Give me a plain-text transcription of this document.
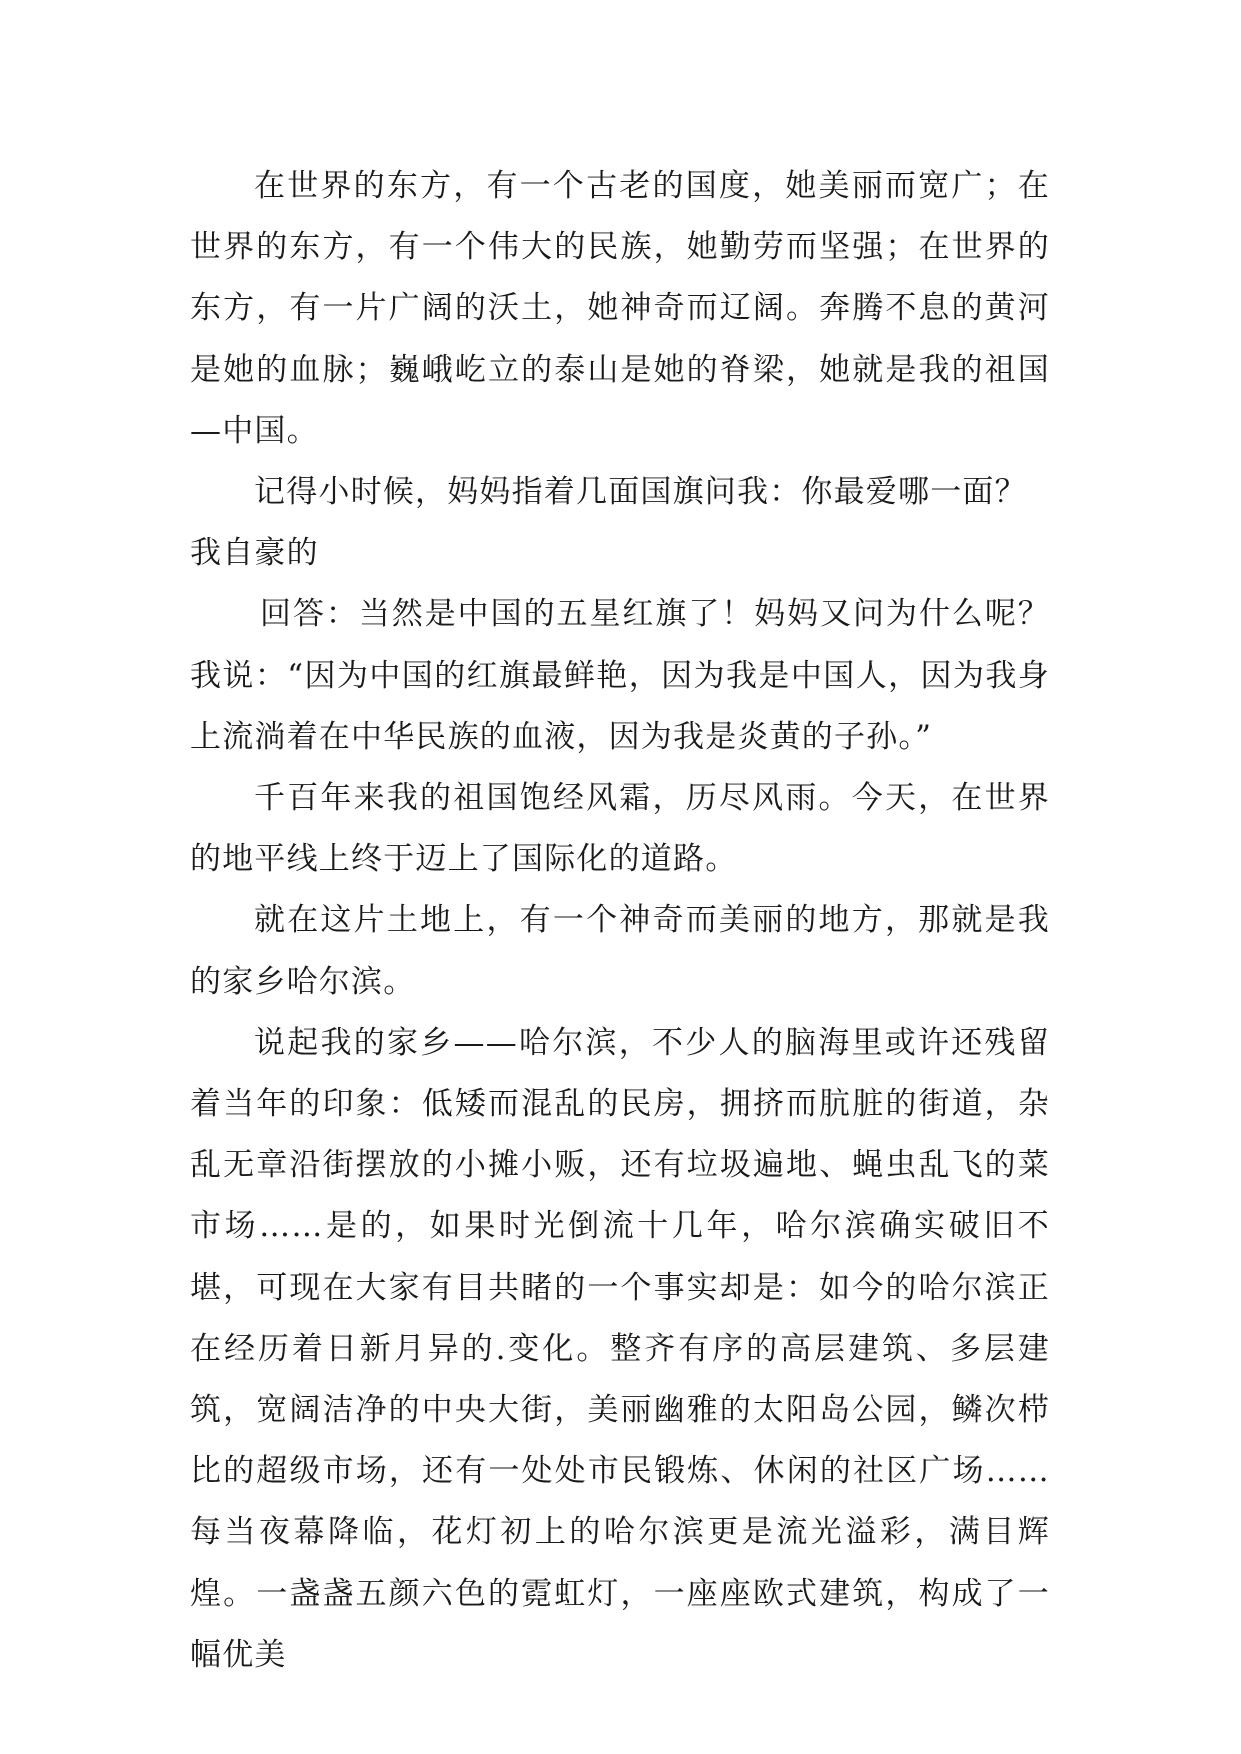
在世界的东方，有一个古老的国度，她美丽而宽广；在世界的东方，有一个伟大的民族，她勤劳而坚强；在世界的东方，有一片广阔的沃土，她神奇而辽阔。奔腾不息的黄河是她的血脉；巍峨屹立的泰山是她的脊梁，她就是我的祖国—中国。

记得小时候，妈妈指着几面国旗问我：你最爱哪一面？

我自豪的

回答：当然是中国的五星红旗了！妈妈又问为什么呢？我说：“因为中国的红旗最鲜艳，因为我是中国人，因为我身上流淌着在中华民族的血液，因为我是炎黄的子孙。”

千百年来我的祖国饱经风霜，历尽风雨。今天，在世界的地平线上终于迈上了国际化的道路。

就在这片土地上，有一个神奇而美丽的地方，那就是我的家乡哈尔滨。

说起我的家乡——哈尔滨，不少人的脑海里或许还残留着当年的印象：低矮而混乱的民房，拥挤而肮脏的街道，杂乱无章沿街摆放的小摊小贩，还有垃圾遍地、蝇虫乱飞的菜市场……是的，如果时光倒流十几年，哈尔滨确实破旧不堪，可现在大家有目共睹的一个事实却是：如今的哈尔滨正在经历着日新月异的.变化。整齐有序的高层建筑、多层建筑，宽阔洁净的中央大街，美丽幽雅的太阳岛公园，鳞次栉比的超级市场，还有一处处市民锻炼、休闲的社区广场……每当夜幕降临，花灯初上的哈尔滨更是流光溢彩，满目辉煌。一盏盏五颜六色的霓虹灯，一座座欧式建筑，构成了一幅优美
